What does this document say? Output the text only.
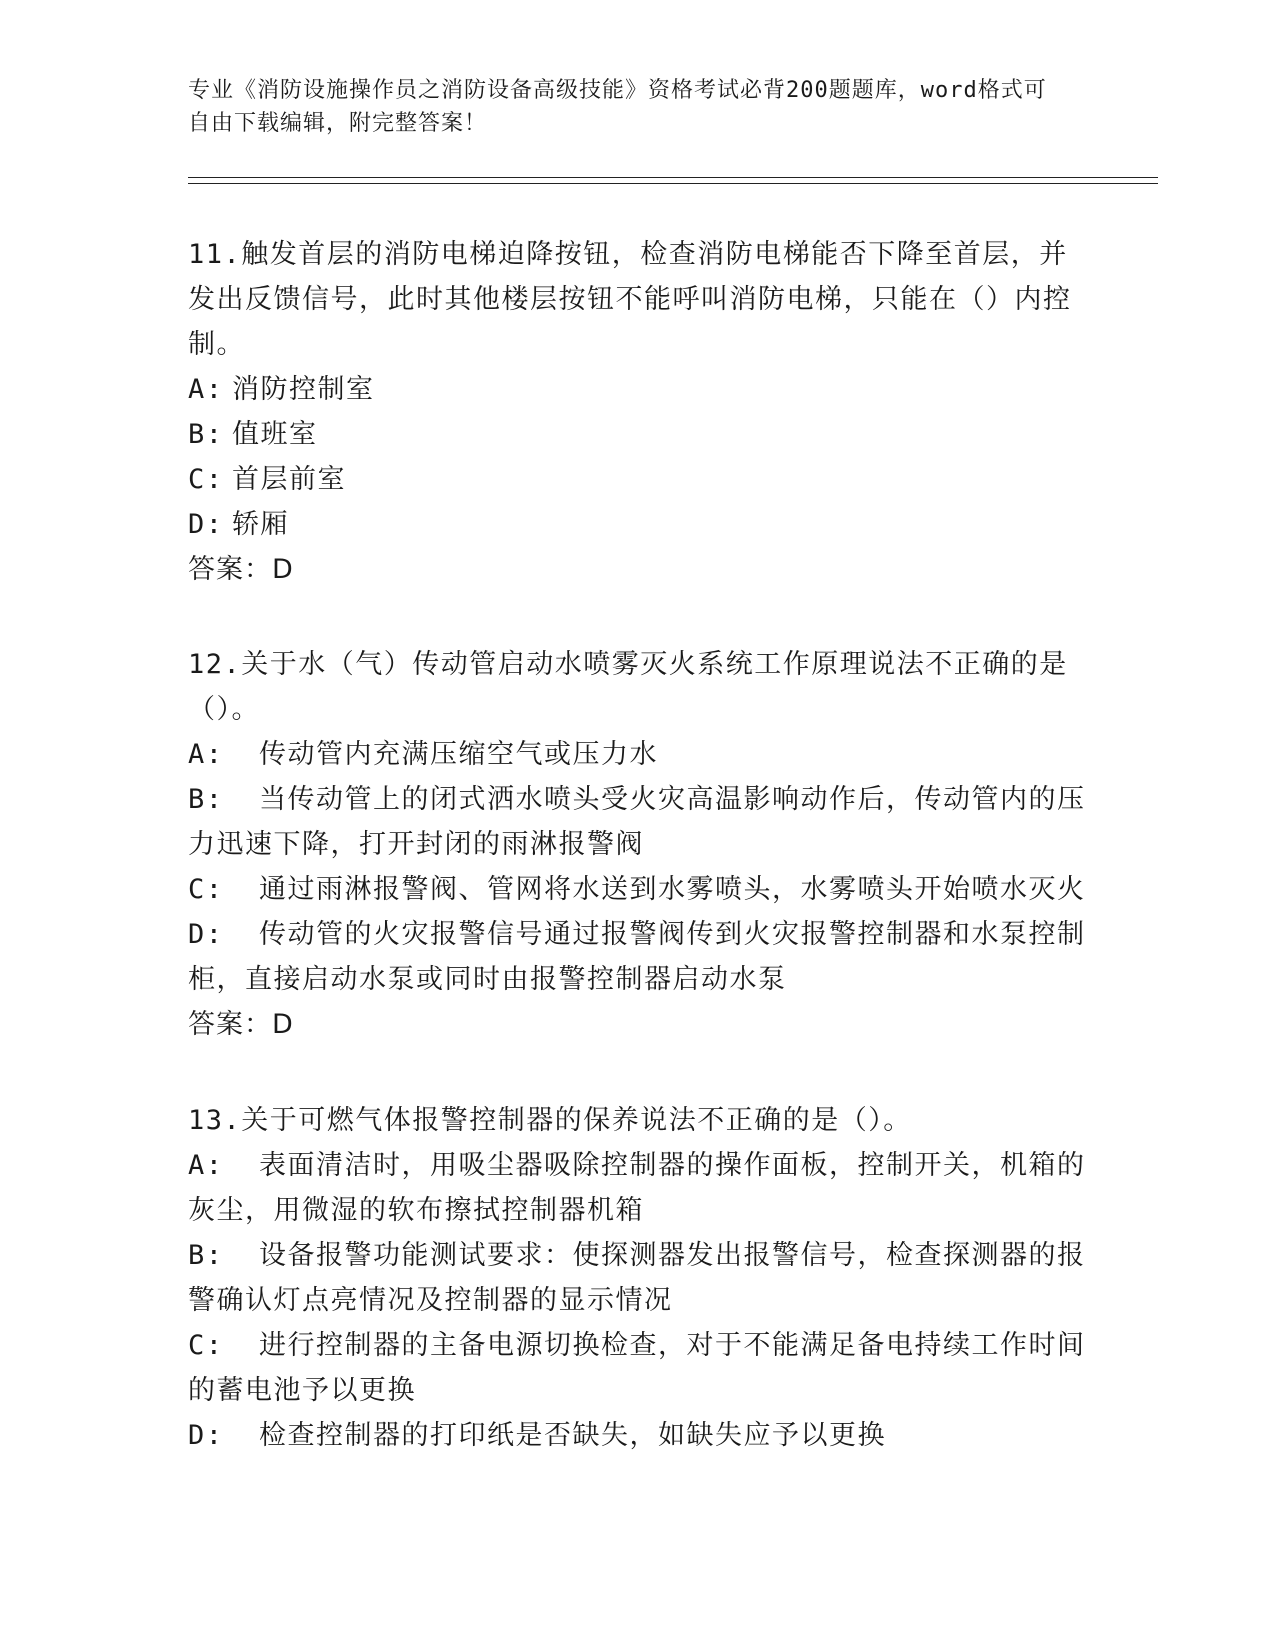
专业《消防设施操作员之消防设备高级技能》资格考试必背200题题库，word格式可自由下载编辑，附完整答案！

11.触发首层的消防电梯迫降按钮，检查消防电梯能否下降至首层，并发出反馈信号，此时其他楼层按钮不能呼叫消防电梯，只能在（）内控制。

A: 消防控制室
B: 值班室
C: 首层前室
D: 轿厢

答案：D

12.关于水（气）传动管启动水喷雾灭火系统工作原理说法不正确的是（）。

A:  传动管内充满压缩空气或压力水
B:  当传动管上的闭式洒水喷头受火灾高温影响动作后，传动管内的压力迅速下降，打开封闭的雨淋报警阀
C:  通过雨淋报警阀、管网将水送到水雾喷头，水雾喷头开始喷水灭火
D:  传动管的火灾报警信号通过报警阀传到火灾报警控制器和水泵控制柜，直接启动水泵或同时由报警控制器启动水泵

答案：D

13.关于可燃气体报警控制器的保养说法不正确的是（）。

A:  表面清洁时，用吸尘器吸除控制器的操作面板，控制开关，机箱的灰尘，用微湿的软布擦拭控制器机箱
B:  设备报警功能测试要求：使探测器发出报警信号，检查探测器的报警确认灯点亮情况及控制器的显示情况
C:  进行控制器的主备电源切换检查，对于不能满足备电持续工作时间的蓄电池予以更换
D:  检查控制器的打印纸是否缺失，如缺失应予以更换
